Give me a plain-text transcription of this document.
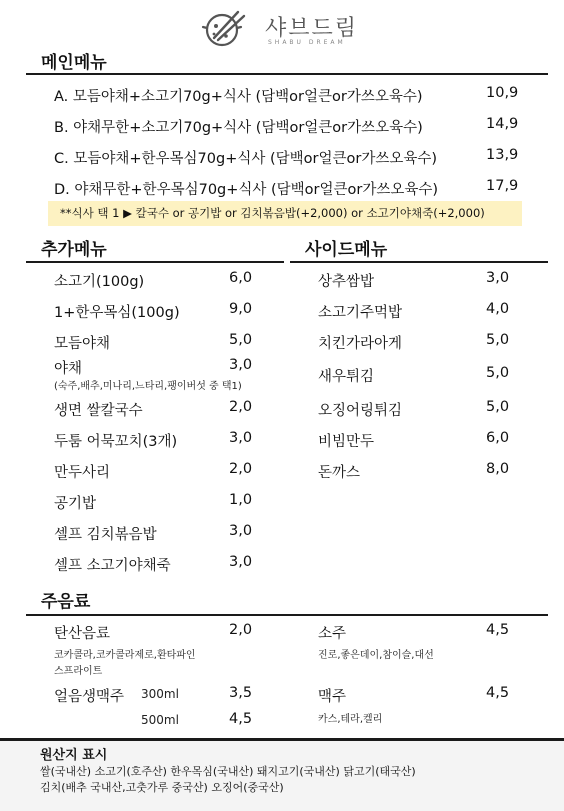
샤브드림
SHABU DREAM
메인메뉴
A. 모듬야채+소고기70g+식사 (담백or얼큰or가쓰오육수)	10,9
B. 야채무한+소고기70g+식사 (담백or얼큰or가쓰오육수)	14,9
C. 모듬야채+한우목심70g+식사 (담백or얼큰or가쓰오육수)	13,9
D. 야채무한+한우목심70g+식사 (담백or얼큰or가쓰오육수)	17,9
**식사 택 1 ▶ 칼국수 or 공기밥 or 김치볶음밥(+2,000) or 소고기야채죽(+2,000)
추가메뉴
소고기(100g)	6,0
1+한우목심(100g)	9,0
모듬야채	5,0
야채	3,0
(숙주,배추,미나리,느타리,팽이버섯 중 택1)
생면 쌀칼국수	2,0
두툼 어묵꼬치(3개)	3,0
만두사리	2,0
공기밥	1,0
셀프 김치볶음밥	3,0
셀프 소고기야채죽	3,0
사이드메뉴
상추쌈밥	3,0
소고기주먹밥	4,0
치킨가라아게	5,0
새우튀김	5,0
오징어링튀김	5,0
비빔만두	6,0
돈까스	8,0
주음료
탄산음료	2,0
코카콜라,코카콜라제로,환타파인
스프라이트
얼음생맥주 300ml	3,5
500ml	4,5
소주	4,5
진로,좋은데이,참이슬,대선
맥주	4,5
카스,테라,켈리
원산지 표시
쌀(국내산) 소고기(호주산) 한우목심(국내산) 돼지고기(국내산) 닭고기(태국산)
김치(배추 국내산,고춧가루 중국산) 오징어(중국산)
